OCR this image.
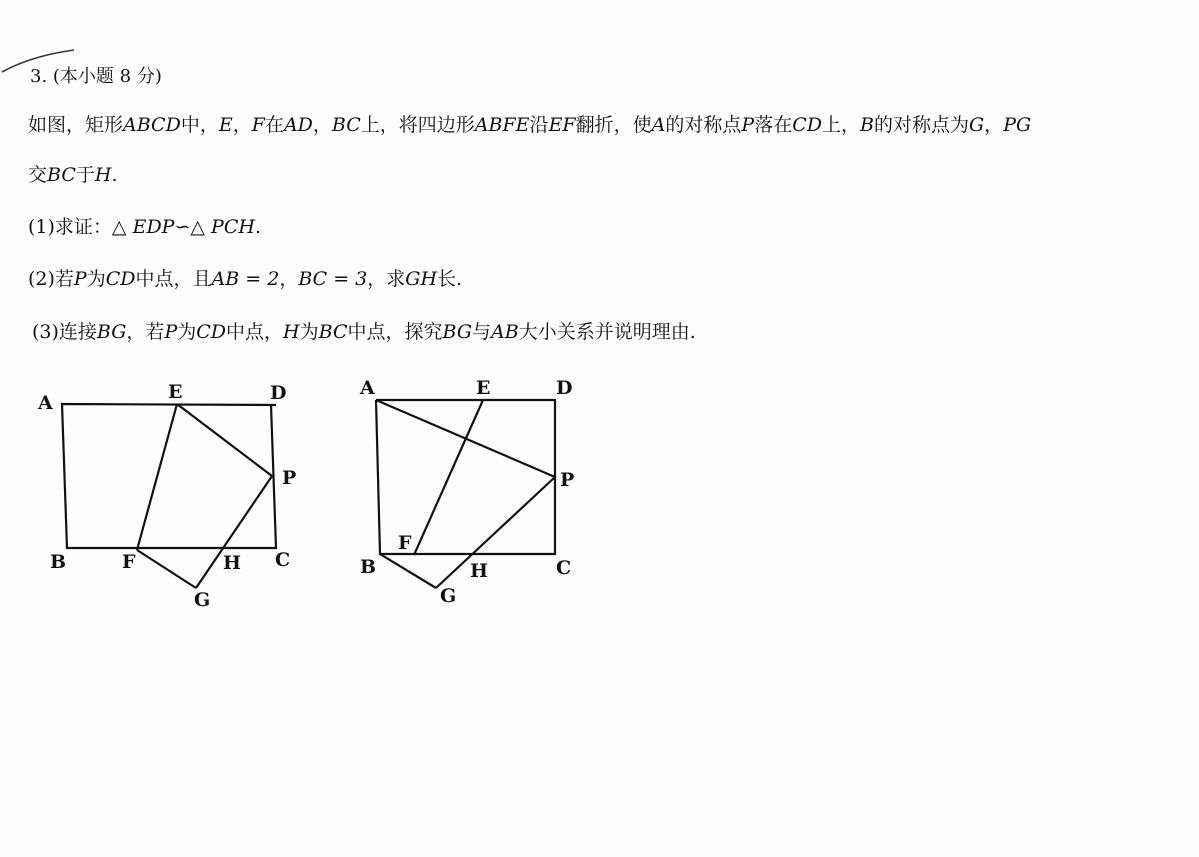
3. (本小题 8 分)
如图，矩形ABCD中，E，F在AD，BC上，将四边形ABFE沿EF翻折，使A的对称点P落在CD上，B的对称点为G，PG
交BC于H.
(1)求证：△ EDP∽△ PCH.
(2)若P为CD中点，且AB = 2，BC = 3，求GH长.
(3)连接BG，若P为CD中点，H为BC中点，探究BG与AB大小关系并说明理由.
A	E	D
P
B	F	H C
G
A	E	D
P
F
B	H	C
G
